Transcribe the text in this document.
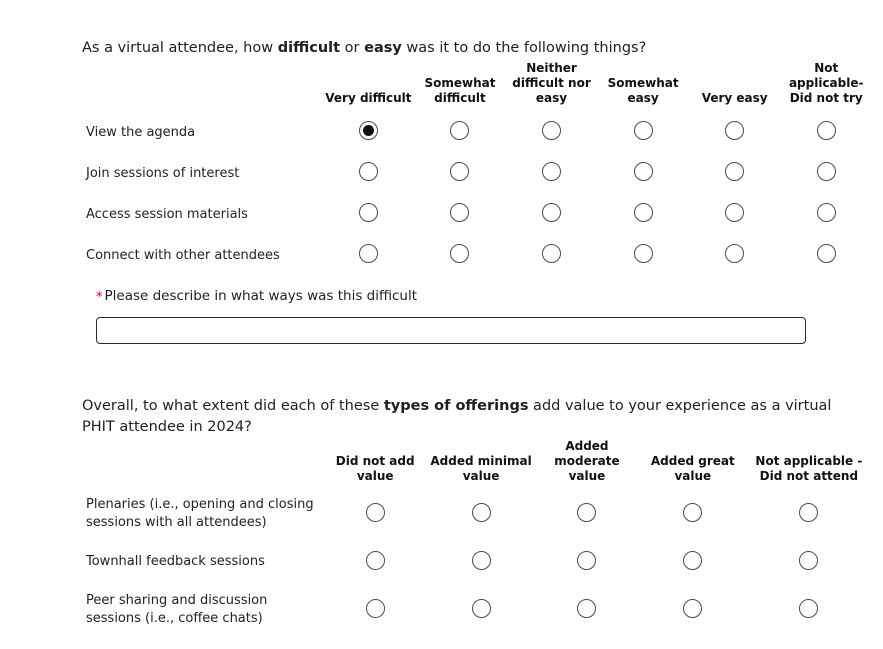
As a virtual attendee, how difficult or easy was it to do the following things?
	Very difficult	Somewhat difficult	Neither difficult nor easy	Somewhat easy	Very easy	Not applicable- Did not try
View the agenda						
Join sessions of interest						
Access session materials						
Connect with other attendees						
* Please describe in what ways was this difficult
Overall, to what extent did each of these types of offerings add value to your experience as a virtual PHIT attendee in 2024?
	Did not add value	Added minimal value	Added moderate value	Added great value	Not applicable - Did not attend
Plenaries (i.e., opening and closing sessions with all attendees)					
Townhall feedback sessions					
Peer sharing and discussion sessions (i.e., coffee chats)					
